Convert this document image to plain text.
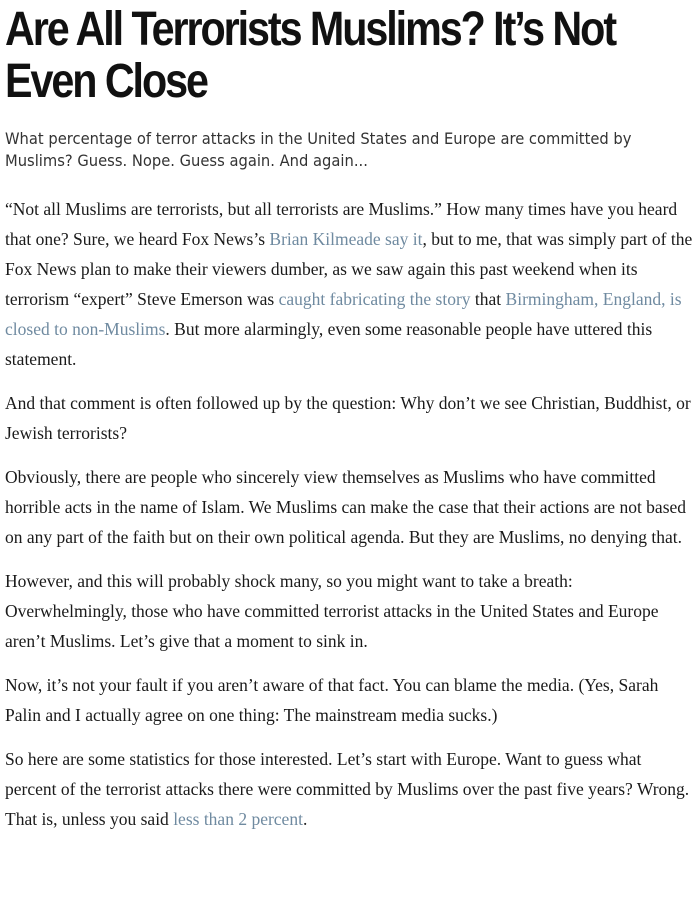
Are All Terrorists Muslims? It’s Not Even Close

What percentage of terror attacks in the United States and Europe are committed by Muslims? Guess. Nope. Guess again. And again...

“Not all Muslims are terrorists, but all terrorists are Muslims.” How many times have you heard that one? Sure, we heard Fox News’s Brian Kilmeade say it, but to me, that was simply part of the Fox News plan to make their viewers dumber, as we saw again this past weekend when its terrorism “expert” Steve Emerson was caught fabricating the story that Birmingham, England, is closed to non-Muslims. But more alarmingly, even some reasonable people have uttered this statement.

And that comment is often followed up by the question: Why don’t we see Christian, Buddhist, or Jewish terrorists?

Obviously, there are people who sincerely view themselves as Muslims who have committed horrible acts in the name of Islam. We Muslims can make the case that their actions are not based on any part of the faith but on their own political agenda. But they are Muslims, no denying that.

However, and this will probably shock many, so you might want to take a breath: Overwhelmingly, those who have committed terrorist attacks in the United States and Europe aren’t Muslims. Let’s give that a moment to sink in.

Now, it’s not your fault if you aren’t aware of that fact. You can blame the media. (Yes, Sarah Palin and I actually agree on one thing: The mainstream media sucks.)

So here are some statistics for those interested. Let’s start with Europe. Want to guess what percent of the terrorist attacks there were committed by Muslims over the past five years? Wrong. That is, unless you said less than 2 percent.
